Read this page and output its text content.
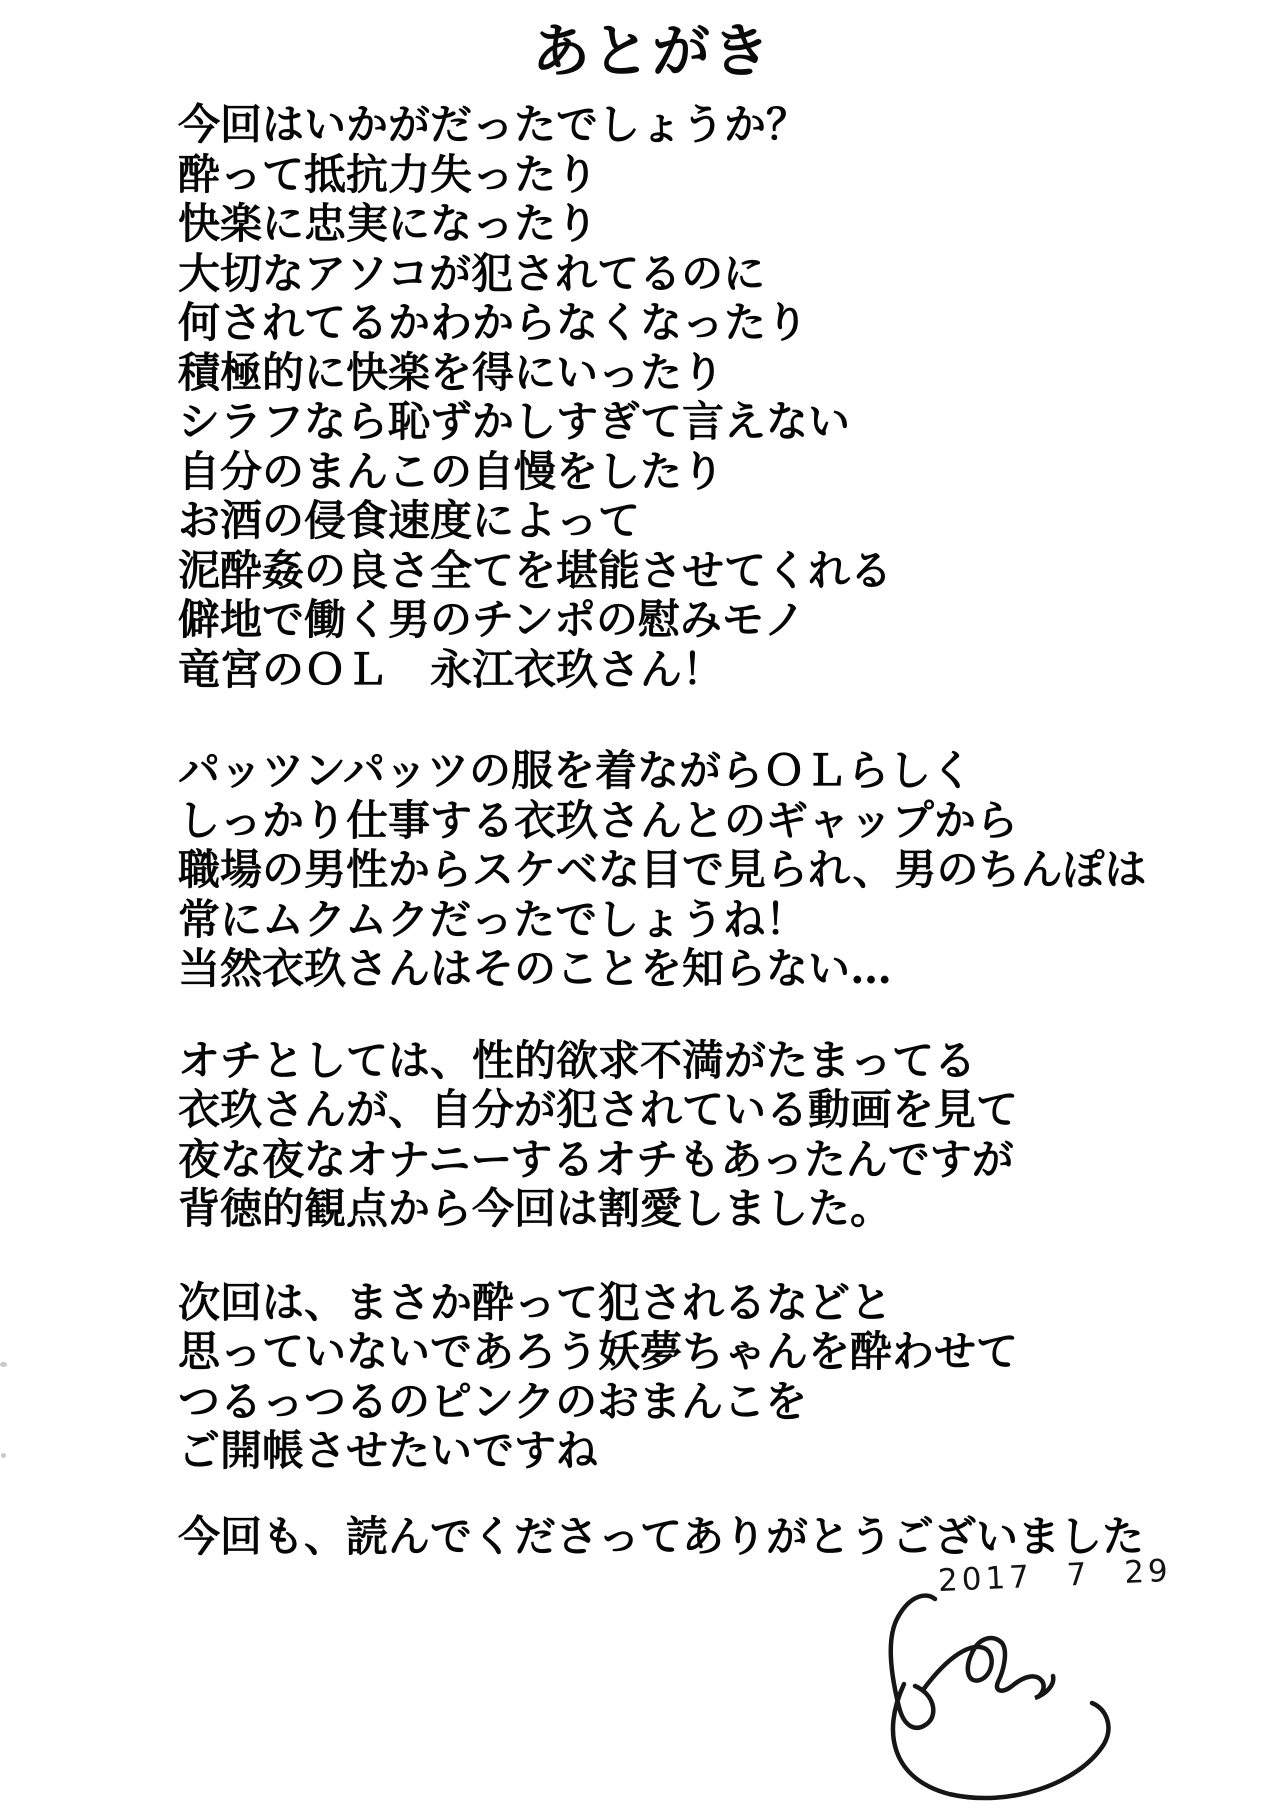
あとがき
今回はいかがだったでしょうか？
酔って抵抗力失ったり
快楽に忠実になったり
大切なアソコが犯されてるのに
何されてるかわからなくなったり
積極的に快楽を得にいったり
シラフなら恥ずかしすぎて言えない
自分のまんこの自慢をしたり
お酒の侵食速度によって
泥酔姦の良さ全てを堪能させてくれる
僻地で働く男のチンポの慰みモノ
竜宮のＯＬ　永江衣玖さん！
パッツンパッツの服を着ながらＯＬらしく
しっかり仕事する衣玖さんとのギャップから
職場の男性からスケベな目で見られ、男のちんぽは
常にムクムクだったでしょうね！
当然衣玖さんはそのことを知らない…
オチとしては、性的欲求不満がたまってる
衣玖さんが、自分が犯されている動画を見て
夜な夜なオナニーするオチもあったんですが
背徳的観点から今回は割愛しました。
次回は、まさか酔って犯されるなどと
思っていないであろう妖夢ちゃんを酔わせて
つるっつるのピンクのおまんこを
ご開帳させたいですね
今回も、読んでくださってありがとうございました
2017 7 29
